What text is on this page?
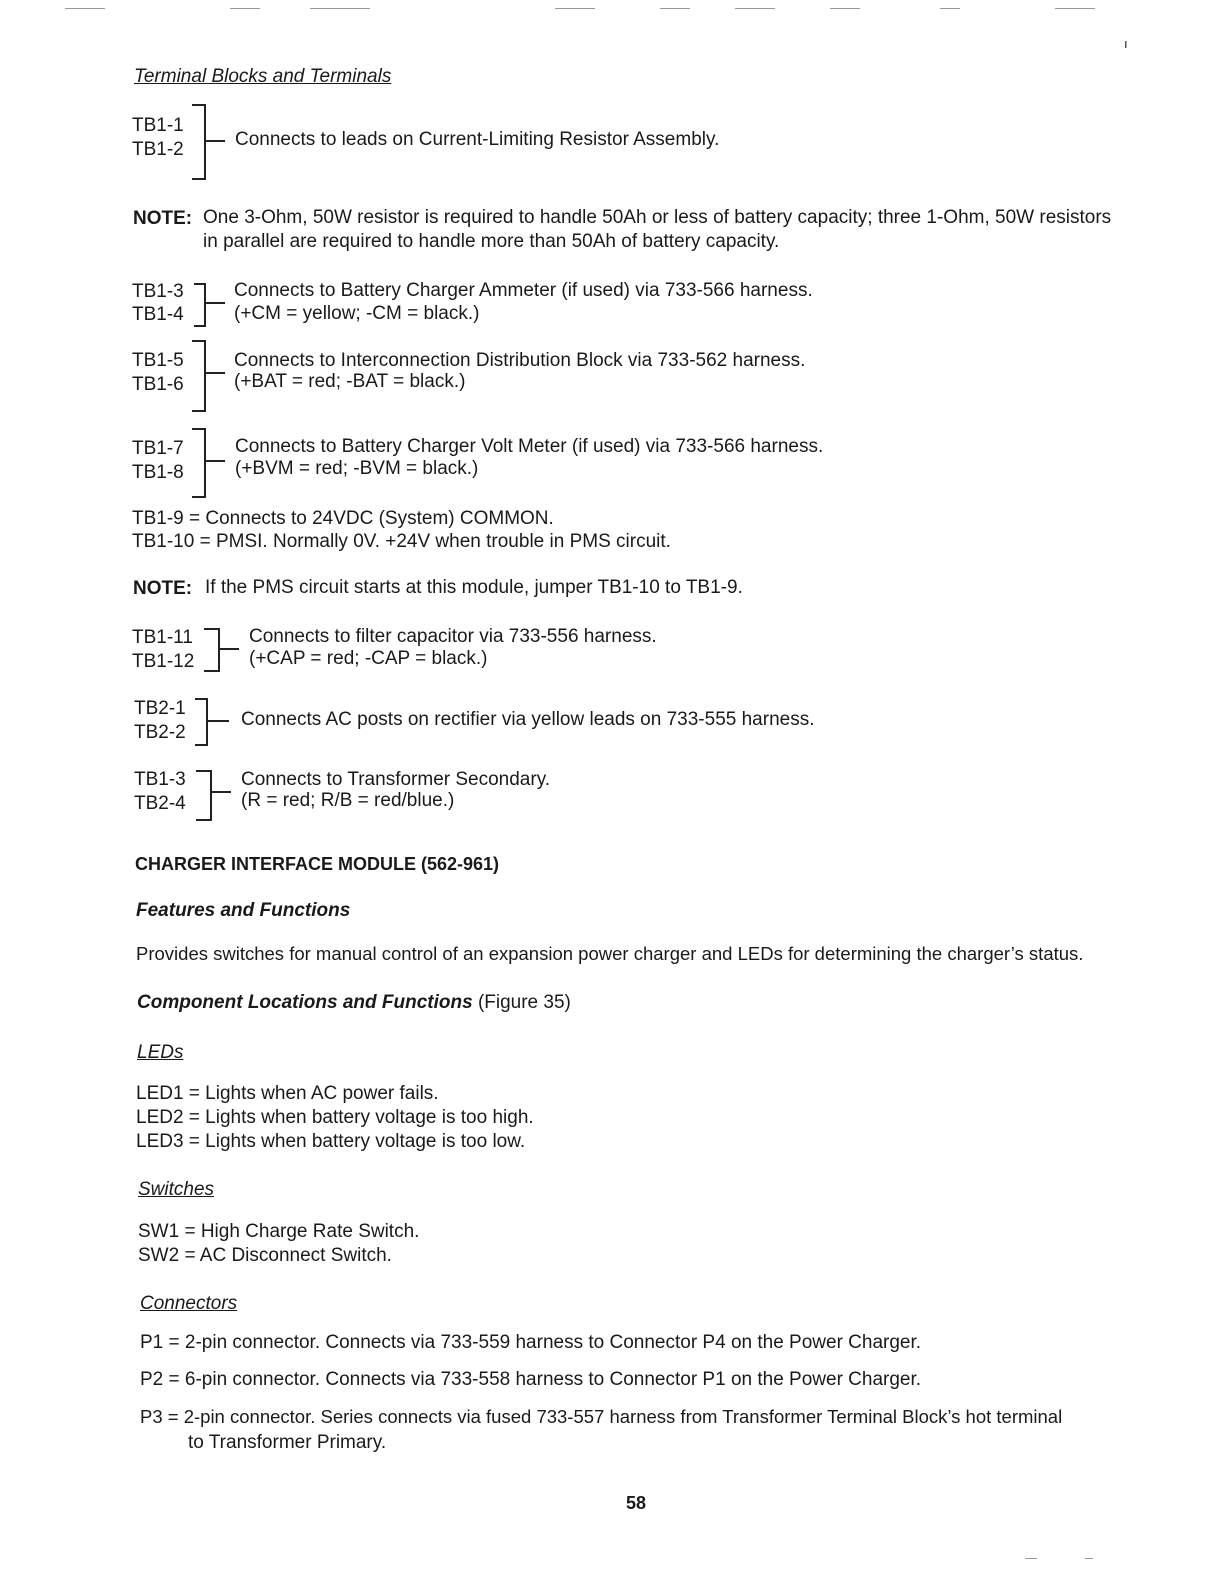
ı
Terminal Blocks and Terminals
TB1-1
TB1-2	Connects to leads on Current-Limiting Resistor Assembly.
NOTE: One 3-Ohm, 50W resistor is required to handle 50Ah or less of battery capacity; three 1-Ohm, 50W resistors
in parallel are required to handle more than 50Ah of battery capacity.
TB1-3
TB1-4
Connects to Battery Charger Ammeter (if used) via 733-566 harness.
(+CM = yellow; -CM = black.)
TB1-5
TB1-6
Connects to Interconnection Distribution Block via 733-562 harness.
(+BAT = red; -BAT = black.)
TB1-7
TB1-8
Connects to Battery Charger Volt Meter (if used) via 733-566 harness.
(+BVM = red; -BVM = black.)
TB1-9 = Connects to 24VDC (System) COMMON.
TB1-10 = PMSI. Normally 0V. +24V when trouble in PMS circuit.
NOTE: If the PMS circuit starts at this module, jumper TB1-10 to TB1-9.
TB1-11
TB1-12
Connects to filter capacitor via 733-556 harness.
(+CAP = red; -CAP = black.)
TB2-1
TB2-2
Connects AC posts on rectifier via yellow leads on 733-555 harness.
TB1-3
TB2-4
Connects to Transformer Secondary.
(R = red; R/B = red/blue.)
CHARGER INTERFACE MODULE (562-961)
Features and Functions
Provides switches for manual control of an expansion power charger and LEDs for determining the charger’s status.
Component Locations and Functions (Figure 35)
LEDs
LED1 = Lights when AC power fails.
LED2 = Lights when battery voltage is too high.
LED3 = Lights when battery voltage is too low.
Switches
SW1 = High Charge Rate Switch.
SW2 = AC Disconnect Switch.
Connectors
P1 = 2-pin connector. Connects via 733-559 harness to Connector P4 on the Power Charger.
P2 = 6-pin connector. Connects via 733-558 harness to Connector P1 on the Power Charger.
P3 = 2-pin connector. Series connects via fused 733-557 harness from Transformer Terminal Block’s hot terminal
to Transformer Primary.
58
